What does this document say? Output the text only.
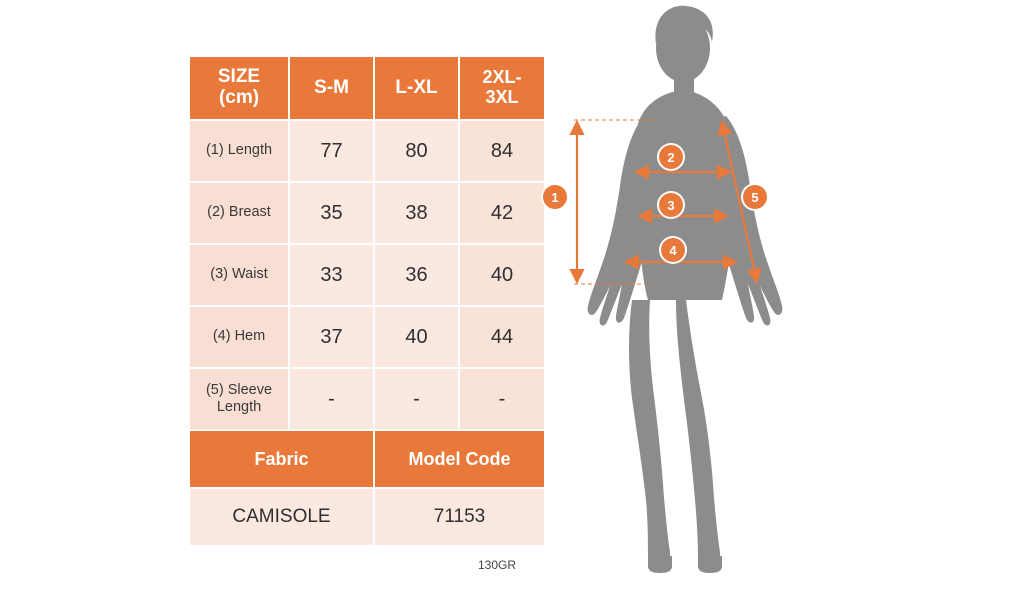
SIZE
(cm)	S-M	L-XL	2XL-
3XL

(1) Length	77	80	84
(2) Breast	35	38	42
(3) Waist	33	36	40
(4) Hem	37	40	44

(5) Sleeve
Length	-	-	-
Fabric		Model Code	
CAMISOLE		71153	
130GR
1
2
3
4
5
